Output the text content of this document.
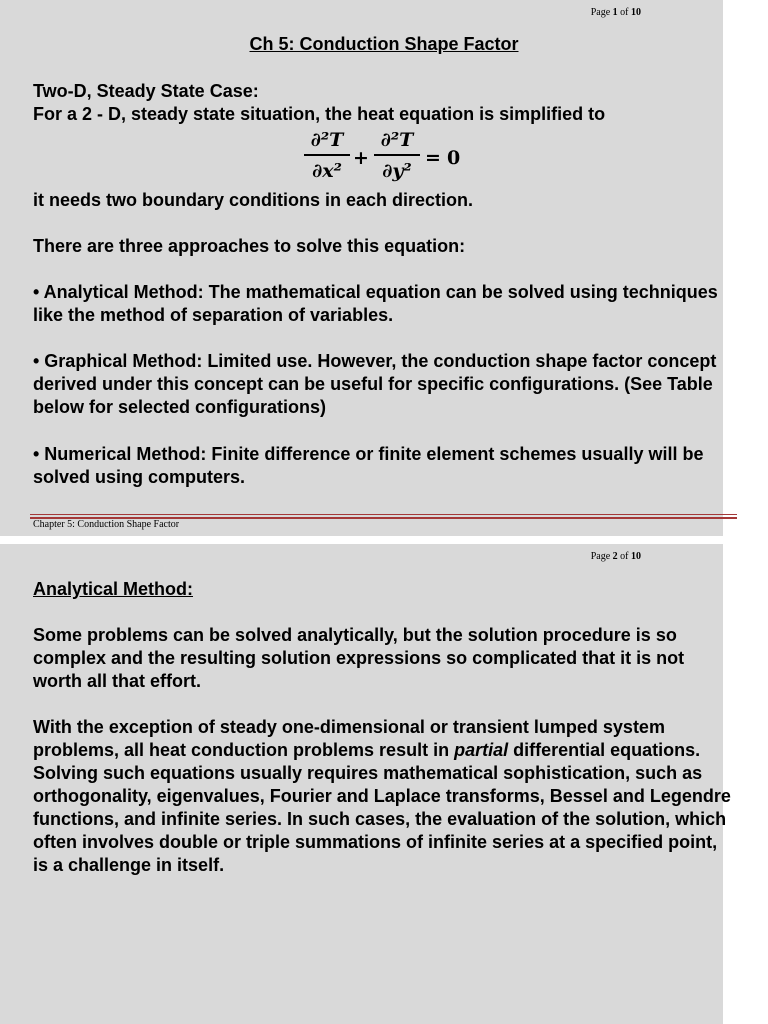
Page 1 of 10
Ch 5: Conduction Shape Factor
Two-D, Steady State Case:
For a 2 - D, steady state situation, the heat equation is simplified to
∂²T
∂x²
+
∂²T
∂y²
= 0
it needs two boundary conditions in each direction.
There are three approaches to solve this equation:
• Analytical Method: The mathematical equation can be solved using techniques like the method of separation of variables.
• Graphical Method: Limited use. However, the conduction shape factor concept derived under this concept can be useful for specific configurations. (See Table below for selected configurations)
• Numerical Method: Finite difference or finite element schemes usually will be solved using computers.
Chapter 5: Conduction Shape Factor
Page 2 of 10
Analytical Method:
Some problems can be solved analytically, but the solution procedure is so complex and the resulting solution expressions so complicated that it is not worth all that effort.
With the exception of steady one-dimensional or transient lumped system problems, all heat conduction problems result in partial differential equations. Solving such equations usually requires mathematical sophistication, such as orthogonality, eigenvalues, Fourier and Laplace transforms, Bessel and Legendre functions, and infinite series. In such cases, the evaluation of the solution, which often involves double or triple summations of infinite series at a specified point, is a challenge in itself.
